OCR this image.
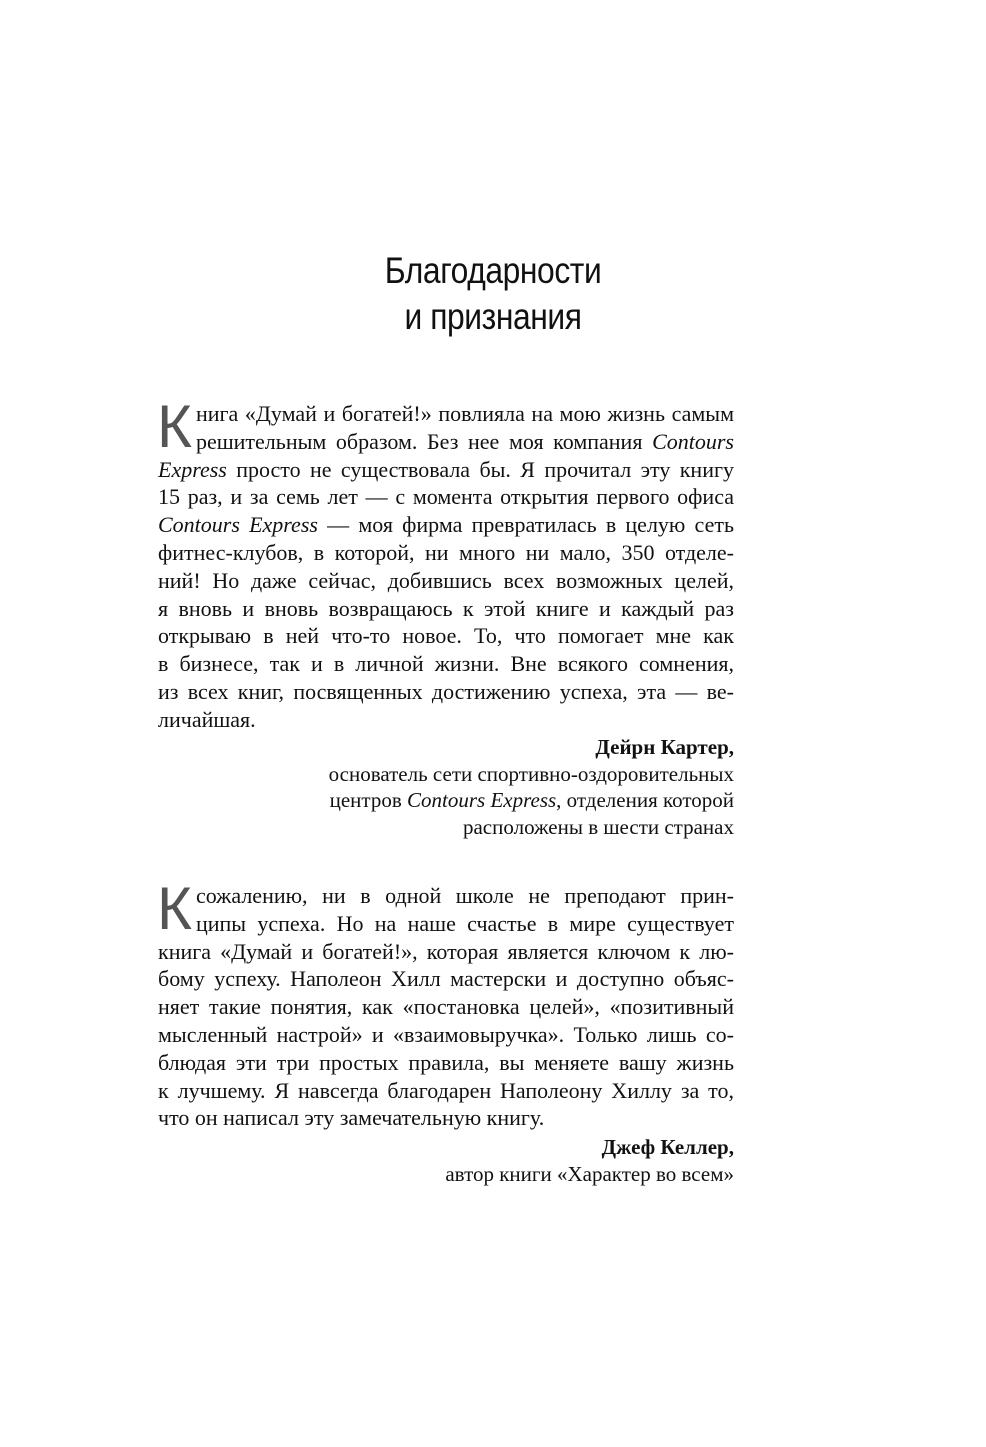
Благодарности
и признания
К нига «Думай и богатей!» повлияла на мою жизнь самым
решительным образом. Без нее моя компания Contours
Express просто не существовала бы. Я прочитал эту книгу
15 раз, и за семь лет — с момента открытия первого офиса
Contours Express — моя фирма превратилась в целую сеть
фитнес-клубов, в которой, ни много ни мало, 350 отделе-
ний! Но даже сейчас, добившись всех возможных целей,
я вновь и вновь возвращаюсь к этой книге и каждый раз
открываю в ней что-то новое. То, что помогает мне как
в бизнесе, так и в личной жизни. Вне всякого сомнения,
из всех книг, посвященных достижению успеха, эта — ве-
личайшая.
Дейрн Картер,
основатель сети спортивно-оздоровительных
центров Contours Express, отделения которой
расположены в шести странах
К сожалению, ни в одной школе не преподают прин-
ципы успеха. Но на наше счастье в мире существует
книга «Думай и богатей!», которая является ключом к лю-
бому успеху. Наполеон Хилл мастерски и доступно объяс-
няет такие понятия, как «постановка целей», «позитивный
мысленный настрой» и «взаимовыручка». Только лишь со-
блюдая эти три простых правила, вы меняете вашу жизнь
к лучшему. Я навсегда благодарен Наполеону Хиллу за то,
что он написал эту замечательную книгу.
Джеф Келлер,
автор книги «Характер во всем»
